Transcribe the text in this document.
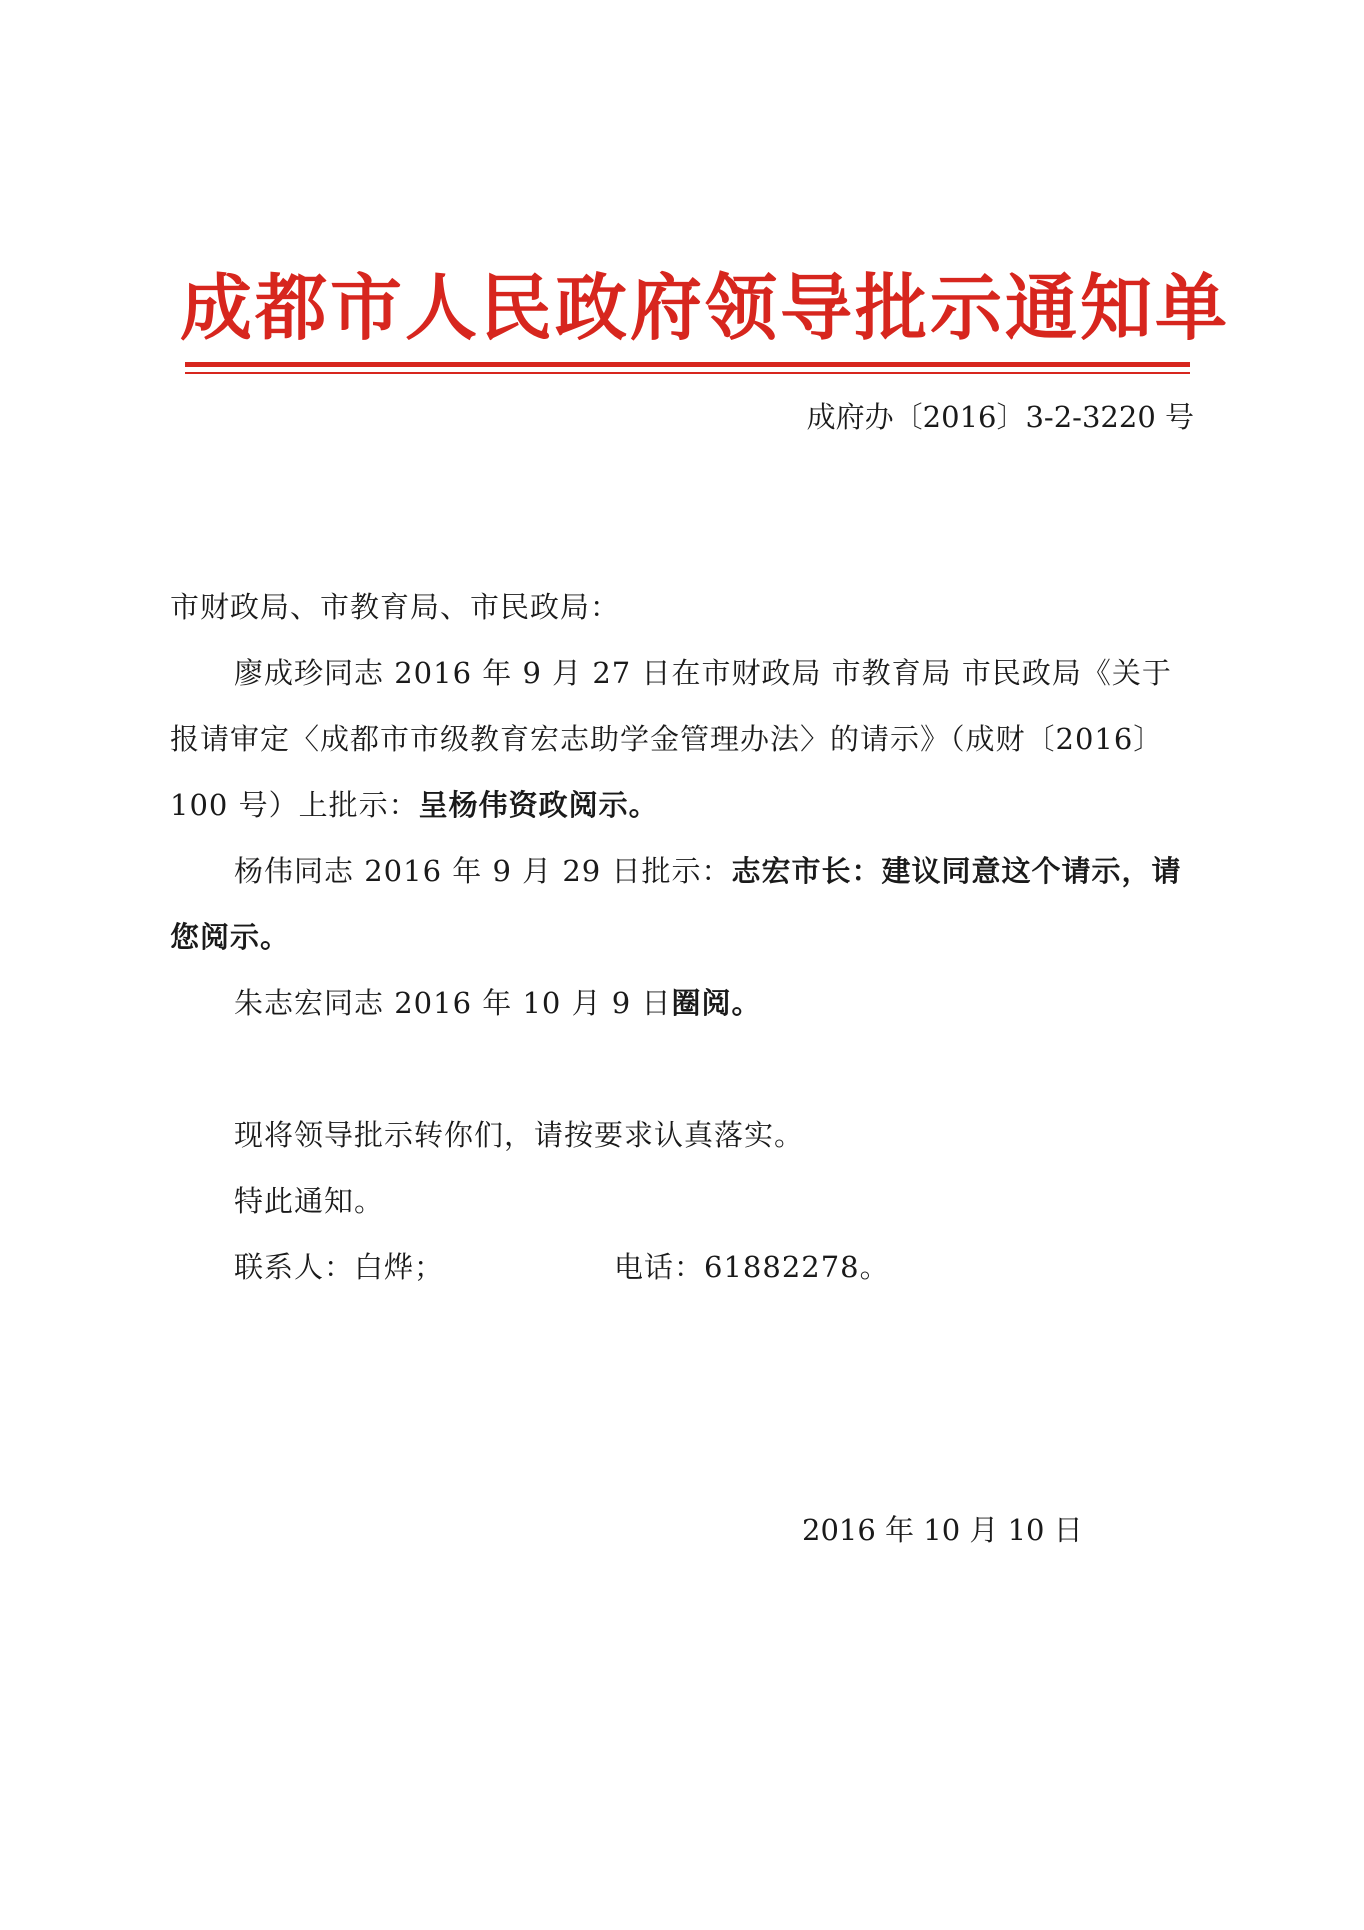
成都市人民政府领导批示通知单
成府办〔2016〕3-2-3220 号
市财政局、市教育局、市民政局：
廖成珍同志 2016 年 9 月 27 日在市财政局 市教育局 市民政局《关于
报请审定〈成都市市级教育宏志助学金管理办法〉的请示》（成财〔2016〕
100 号）上批示：呈杨伟资政阅示。
杨伟同志 2016 年 9 月 29 日批示：志宏市长：建议同意这个请示，请
您阅示。
朱志宏同志 2016 年 10 月 9 日圈阅。
现将领导批示转你们，请按要求认真落实。
特此通知。
联系人：白烨；	电话：61882278。
2016 年 10 月 10 日
